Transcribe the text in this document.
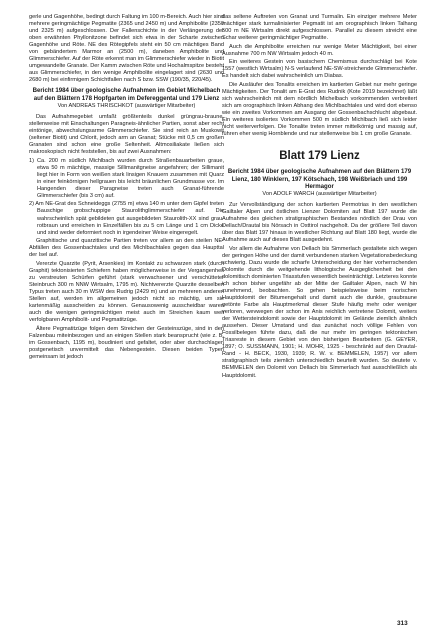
gerle und Gagenhöhe, bedingt durch Faltung im 100 m-Bereich. Auch hier sind mehrere geringmächtige Pegmatite (2365 und 2450 m) und Amphibolite (2350 und 2325 m) aufgeschlossen. Der Fallenschichte in der Verlängerung der oben erwähnten Phyllonitzone befindet sich etwa in der Scharte zwischen Gagenhöhe und Röte. NE des Rötegipfels steht ein 50 cm mächtiges Band von gebändertem Marmor an (2500 m), daneben Amphibolite und Glimmerschiefer. Auf der Röte erkennt man im Glimmerschiefer wieder in Biotit umgewandelte Granate. Der Kamm zwischen Röte und Hochalmspitze besteht aus Glimmerschiefer, in den wenige Amphibolite eingelagert sind (2630 und 2680 m) bei einfirmigem Schichtfallen nach S bzw. SSW (190/35, 220/45).

Bericht 1984 über geologische Aufnahmen im Gebiet Michelbach auf den Blättern 178 Hopfgarten im Defereggental und 179 Lienz
Von ANDREAS THRISCHKOT (auswärtiger Mitarbeiter)

Das Aufnahmegebiet umfaßt größtenteils dunkel grüngrau-braune, stellenweise mit Einschaltungen Paragneis-ähnlicher Partien, sonst aber recht eintönige, abwechslungsarme Glimmerschiefer. Sie sind reich an Muskowit (seltener Biotit) und Chlorit, jedoch arm an Granat; Stücke mit 0,5 cm großen Granaten sind schon eine große Seltenheit. Altmosiliakate ließen sich makroskopisch nicht feststellen, bis auf zwei Ausnahmen:

1) Ca. 200 m südlich Michlbach wurden durch Straßenbauarbeiten graue, etwa 50 m mächtige, massige Sillimanitgneise angefahren; der Sillimanit liegt hier in Form von weißen stark linsigen Knauern zusammen mit Quarz in einer feinkörnigen hellgrauen bis leicht bräunlichen Grundmasse vor. Im Hangenden dieser Paragneise treten auch Granat-führende Glimmerschiefer (bis 3 cm) auf.

2) Am NE-Grat des Schneideggs (2755 m) etwa 140 m unter dem Gipfel treten Bauschige grobschuppige Staurolithglimmerschiefer auf. Die wahrscheinlich spät gebildeten gut ausgebildeten Staurolith-XX sind grau-rotbraun und erreichen in Einzelfällen bis zu 5 cm Länge und 1 cm Dicke und sind weder deformiert noch in irgendeiner Weise eingeregelt.

Graphitische und quarzitische Partien treten vor allem an den steilen NE-Abfällen des Gossenbachtales und des Michlbachtales gegen das Haupttal der Isel auf.

Vererzte Quarzite (Pyrit, Arsenkies) im Kontakt zu schwarzen stark (durch Graphit) tektonisierten Schiefern haben möglicherweise in der Vergangenheit zu verstreuten Schürfen geführt (stark verwachsener und verschütteter Steinbruch 300 m NNW Wirtsalm, 1795 m). Nichtvererzte Quarzite desselben Typus treten auch 30 m WSW des Rudrig (2429 m) und an mehreren anderen Stellen auf, werden im allgemeinen jedoch nicht so mächtig, um sie kartenmäßig ausscheiden zu können. Genausowenig ausscheidbar waren auch die wenigen geringmächtigen meist auch im Streichen kaum weit verfolgbaren Amphibolit- und Pegmatitzüge.

Ältere Pegmatitzüge folgen dem Streichen der Gesteinszüge, sind in den Falzenbau miteinbezogen und an einigen Stellen stark beansprucht (wie z. B. im Gossenbach, 1195 m), boudiniert und gefaltet, oder aber durchschlagen postgenetisch unvermittelt das Nebengestein. Diesen beiden Typen gemeinsam ist jedoch

das seltene Auftreten von Granat und Turmalin. Ein einziger mehrere Meter mächtiger stark turmalinisierter Pegmatit ist am orographisch linken Talhang 500 m NE Wirtsalm direkt aufgeschlossen. Parallel zu diesem streicht eine Schar weiterer geringmächtiger Pegmatite.

Auch die Amphibolite erreichen nur wenige Meter Mächtigkeit, bei einer Ausnahme 700 m NW Wirtsalm jedoch 40 m.

Ein weiteres Gestein von basischem Chemismus durchschlägt bei Kote 1557 (westlich Wirtsalm) N-S verlaufend NE-SW-streichende Glimmerschiefer. Es handelt sich dabei wahrscheinlich um Diabas.

Die Ausläufer des Tonalits erreichen im kartierten Gebiet nur mehr geringe Mächtigkeiten. Der Tonalit am E-Grat des Rudnik (Kote 2019 bezeichnet) läßt sich wahrscheinlich mit dem nördlich Michelbach vorkommenden verbreitert sich am orographisch linken Abhang des Michlbachtales und wird dort ebenso wie ein zweites Vorkommen am Ausgang der Gossenbachschlucht abgebaut. Ein weiteres isoliertes Vorkommen 500 m südlich Michlbach ließ sich leider nicht weiterverfolgen. Die Tonalite treten immer mittelkörnig und massig auf, führen eher wenig Hornblende und nur stellenweise bis 1 cm große Granate.

Blatt 179 Lienz
Bericht 1984 über geologische Aufnahmen auf den Blättern 179 Lienz, 180 Winklern, 197 Kötschach, 198 Weißbriach und 199 Hermagor
Von ADOLF WARCH (auswärtiger Mitarbeiter)

Zur Vervollständigung der schon kartierten Permotrias in den westlichen Gailtaler Alpen und östlichen Lienzer Dolomiten auf Blatt 197 wurde die Aufnahme des gleichen stratigraphischen Bestandes nördlich der Drau von Dellach/Drautal bis Nörsach in Osttirol nachgeholt. Da der größere Teil davon über das Blatt 197 hinaus in westlicher Richtung auf Blatt 180 liegt, wurde die Aufnahme auch auf dieses Blatt ausgedehnt.

Vor allem die Aufnahme von Dellach bis Simmerlach gestaltete sich wegen der geringen Höhe und der damit verbundenen starken Vegetationsbedeckung schwierig. Dazu wurde die scharfe Unterscheidung der hier vorherrschenden Dolomite durch die weitgehende lithologische Ausgeglichenheit bei den dolomitisch dominierten Triasstufen wesentlich beeinträchtigt. Letzteres konnte ich schon bisher ungefähr ab der Mitte der Gailtaler Alpen, nach W hin zunehmend, beobachten. So gehen beispielsweise beim norischen Hauptdolomit der Bitumengehalt und damit auch die dunkle, graubraune getönte Farbe als Hauptmerkmal dieser Stufe häufig mehr oder weniger verloren, wevwegen der schon im Anis reichlich vertretene Dolomit, weiters der Wettersteindolomit sowie der Hauptdolomit im Gelände ziemlich ähnlich aussehen. Dieser Umstand und das zunächst noch völlige Fehlen von Fossilbelegen führte dazu, daß die nur mehr im geringen tektonischen Triasreste in diesem Gebiet von den bisherigen Bearbeitern (G. GEYER, 1897; O. SUSSMANN, 1901; H. MOHR, 1925 - beschränkt auf den Drautal-Rand - H. BECK, 1930, 1939; R. W. v. BEMMELEN, 1957) vor allem stratigraphisch teils ziemlich unterschiedlich beurteilt wurden. So deutete v. BEMMELEN den Dolomit von Dellach bis Simmerlach fast ausschließlich als Hauptdolomit.

313
